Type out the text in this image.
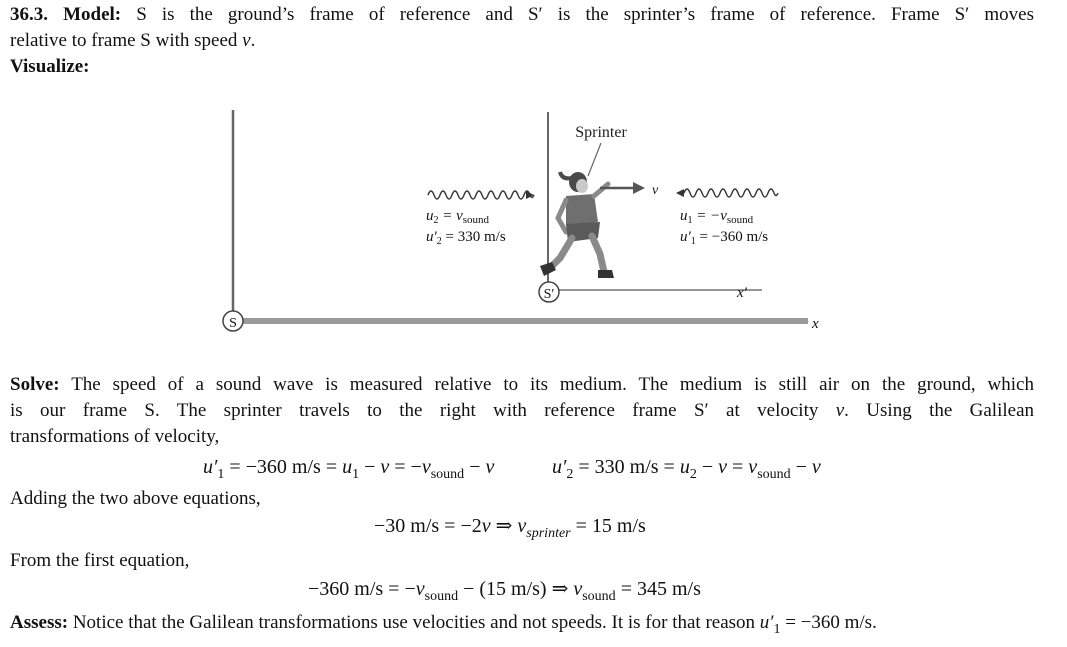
36.3. Model: S is the ground’s frame of reference and S′ is the sprinter’s frame of reference. Frame S′ moves
relative to frame S with speed v.
Visualize:
S	x
S′	x′
Sprinter
v
$u_2 = v_{sound}$
$u'_2 = 330$ m/s
$u_1 = -v_{sound}$
$u'_1 = -360$ m/s
Solve: The speed of a sound wave is measured relative to its medium. The medium is still air on the ground, which
is our frame S. The sprinter travels to the right with reference frame S′ at velocity v. Using the Galilean
transformations of velocity,
$u'_1 = -360$ $m/s = u_1 - v = -v_{sound} - v$	$u'_2 = 330$ $m/s = u_2 - v = v_{sound} - v$
Adding the two above equations,
−30 m/s = −2v ⇒ $v_{sprinter} = 15$ m/s
From the first equation,
−360 $m/s = -v_{sound} - (15$ m/s) ⇒ $v_{sound} = 345$ m/s
Assess: Notice that the Galilean transformations use velocities and not speeds. It is for that reason $u'_1 = -360$ m/s.
